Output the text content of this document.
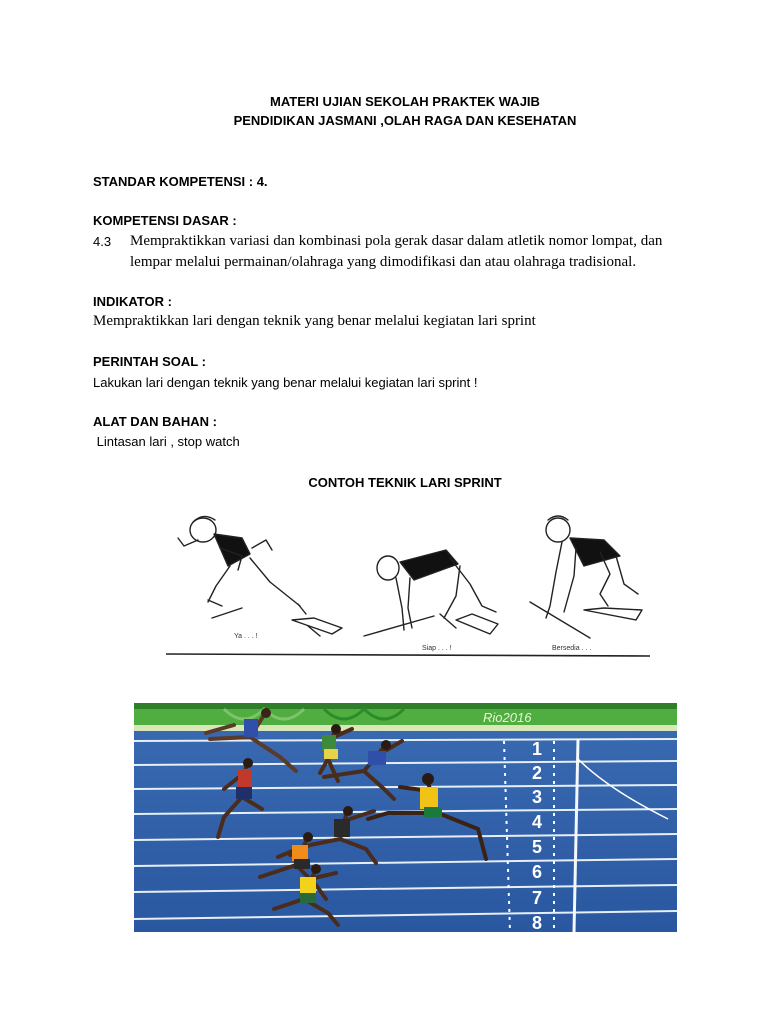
MATERI UJIAN SEKOLAH PRAKTEK WAJIB
PENDIDIKAN JASMANI ,OLAH RAGA DAN KESEHATAN
STANDAR KOMPETENSI : 4.
KOMPETENSI DASAR :
4.3 Mempraktikkan variasi dan kombinasi pola gerak dasar dalam atletik nomor lompat, dan
lempar melalui permainan/olahraga yang dimodifikasi dan atau olahraga tradisional.
INDIKATOR :
Mempraktikkan lari dengan teknik yang benar melalui kegiatan lari sprint
PERINTAH SOAL :
Lakukan lari dengan teknik yang benar melalui kegiatan lari sprint !
ALAT DAN BAHAN :
Lintasan lari , stop watch
CONTOH TEKNIK LARI SPRINT
Ya . . . !
Siap . . . !	Bersedia . . .
Rio2016
1
2
3
4
5
6
7
8
